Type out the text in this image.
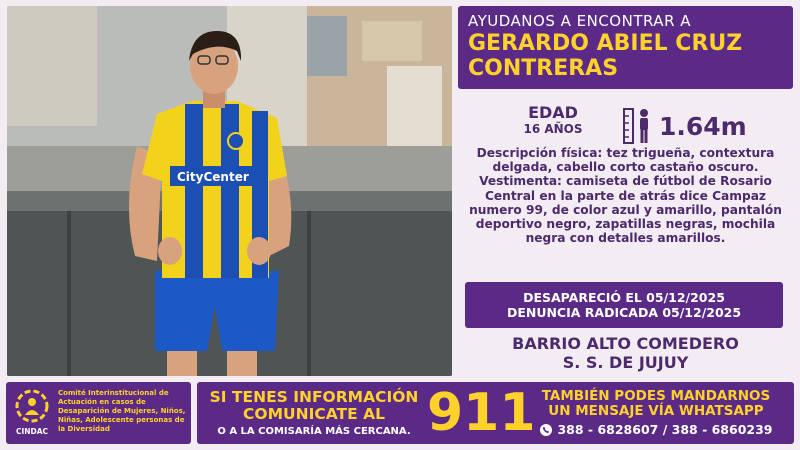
CityCenter
AYUDANOS A ENCONTRAR A
GERARDO ABIEL CRUZ
CONTRERAS
EDAD
16 AÑOS	1.64m
Descripción física: tez trigueña, contextura delgada, cabello corto castaño oscuro.
Vestimenta: camiseta de fútbol de Rosario Central en la parte de atrás dice Campaz numero 99, de color azul y amarillo, pantalón deportivo negro, zapatillas negras, mochila negra con detalles amarillos.
DESAPARECIÓ EL 05/12/2025
DENUNCIA RADICADA 05/12/2025
BARRIO ALTO COMEDERO
S. S. DE JUJUY
CINDAC
Comité Interinstitucional de Actuación en casos de Desaparición de Mujeres, Niños, Niñas, Adolescente personas de la Diversidad
SI TENES INFORMACIÓN
COMUNICATE AL
O A LA COMISARÍA MÁS CERCANA. 911 TAMBIÉN PODES MANDARNOS
UN MENSAJE VÍA WHATSAPP
388 - 6828607 / 388 - 6860239
